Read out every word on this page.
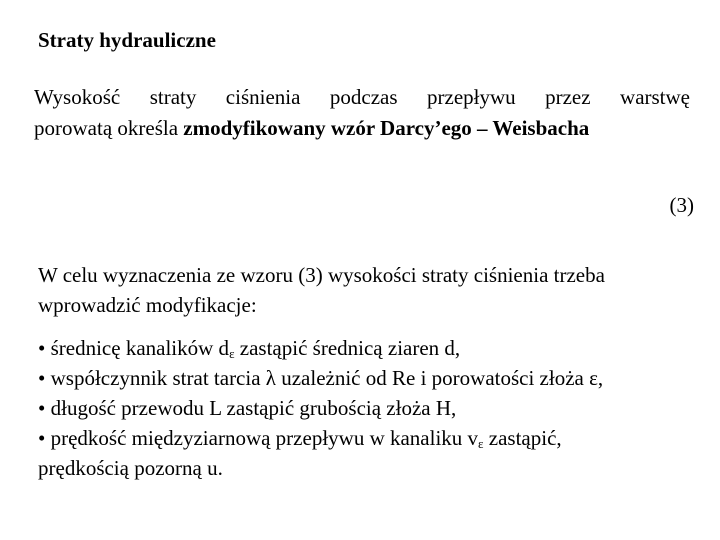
Straty hydrauliczne
Wysokość straty ciśnienia podczas przepływu przez warstwę
porowatą określa zmodyfikowany wzór Darcy’ego – Weisbacha
(3)
W celu wyznaczenia ze wzoru (3) wysokości straty ciśnienia trzeba
wprowadzić modyfikacje:
• średnicę kanalików $d_\varepsilon$ zastąpić średnicą ziaren d,
• współczynnik strat tarcia λ uzależnić od Re i porowatości złoża ε,
• długość przewodu L zastąpić grubością złoża H,
• prędkość międzyziarnową przepływu w kanaliku $v_\varepsilon$ zastąpić,
prędkością pozorną u.
